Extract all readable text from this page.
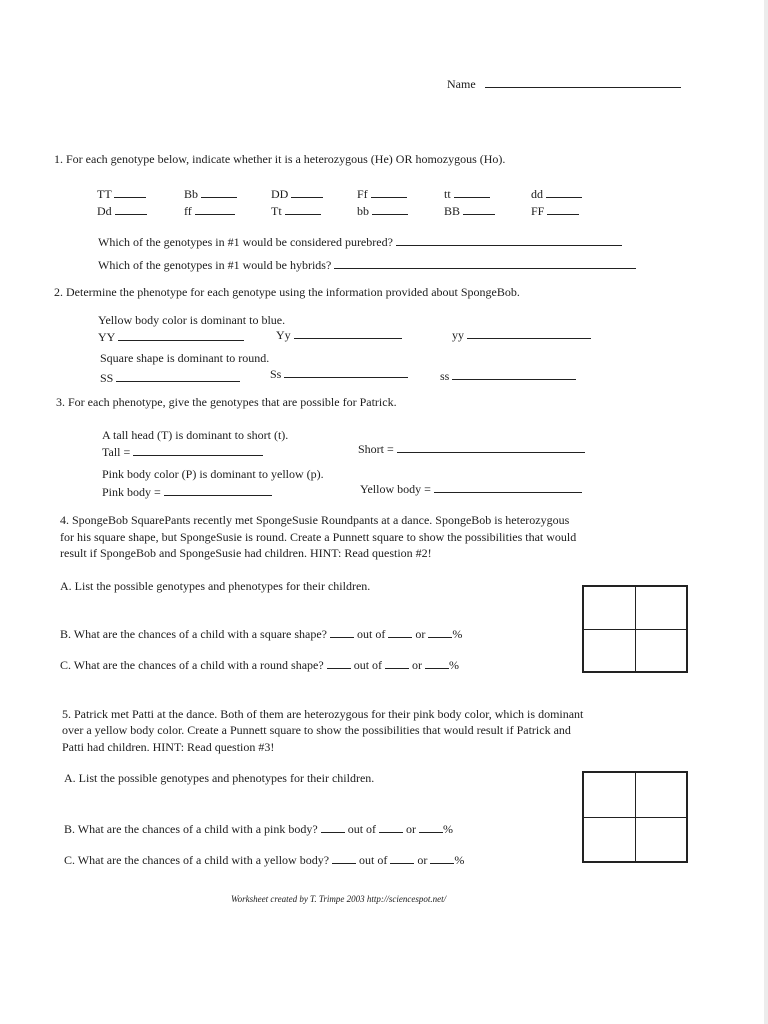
Name
1. For each genotype below, indicate whether it is a heterozygous (He) OR homozygous (Ho).
TT	Bb	DD	Ff	tt	dd
Dd	ff	Tt	bb	BB	FF
Which of the genotypes in #1 would be considered purebred?
Which of the genotypes in #1 would be hybrids?
2. Determine the phenotype for each genotype using the information provided about SpongeBob.
Yellow body color is dominant to blue.
YY	Yy	yy
Square shape is dominant to round.
SS	Ss	ss
3. For each phenotype, give the genotypes that are possible for Patrick.
A tall head (T) is dominant to short (t).
Tall =	Short =
Pink body color (P) is dominant to yellow (p).
Pink body =	Yellow body =
4. SpongeBob SquarePants recently met SpongeSusie Roundpants at a dance. SpongeBob is heterozygous
for his square shape, but SpongeSusie is round. Create a Punnett square to show the possibilities that would
result if SpongeBob and SpongeSusie had children. HINT: Read question #2!
A. List the possible genotypes and phenotypes for their children.
B. What are the chances of a child with a square shape?	out of	or %
C. What are the chances of a child with a round shape?	out of	or %
5. Patrick met Patti at the dance. Both of them are heterozygous for their pink body color, which is dominant
over a yellow body color. Create a Punnett square to show the possibilities that would result if Patrick and
Patti had children. HINT: Read question #3!
A. List the possible genotypes and phenotypes for their children.
B. What are the chances of a child with a pink body?	out of	or %
C. What are the chances of a child with a yellow body?	out of	or %
Worksheet created by T. Trimpe 2003 http://sciencespot.net/
